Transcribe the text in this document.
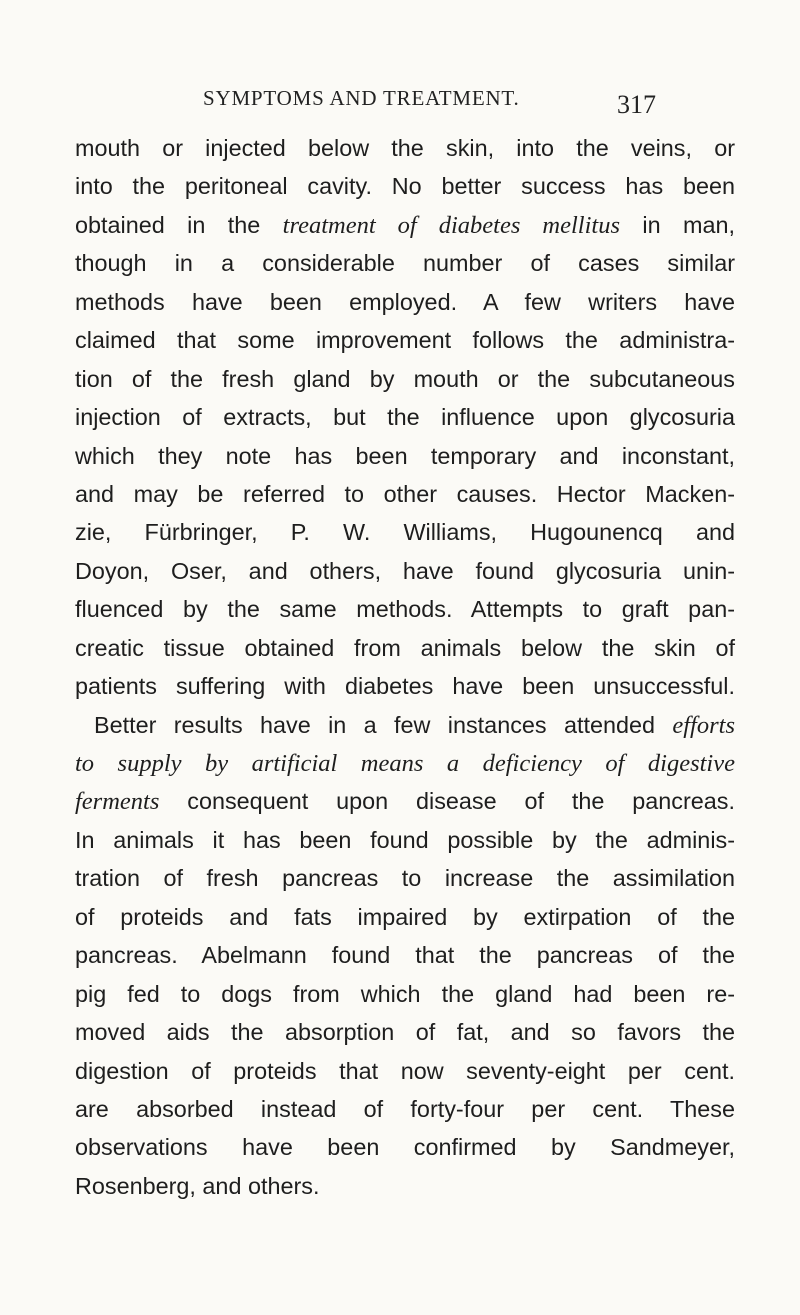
SYMPTOMS AND TREATMENT.	317
mouth or injected below the skin, into the veins, or
into the peritoneal cavity. No better success has been
obtained in the treatment of diabetes mellitus in man,
though in a considerable number of cases similar
methods have been employed. A few writers have
claimed that some improvement follows the administra-
tion of the fresh gland by mouth or the subcutaneous
injection of extracts, but the influence upon glycosuria
which they note has been temporary and inconstant,
and may be referred to other causes. Hector Macken-
zie, Fürbringer, P. W. Williams, Hugounencq and
Doyon, Oser, and others, have found glycosuria unin-
fluenced by the same methods. Attempts to graft pan-
creatic tissue obtained from animals below the skin of
patients suffering with diabetes have been unsuccessful.
Better results have in a few instances attended efforts
to supply by artificial means a deficiency of digestive
ferments consequent upon disease of the pancreas.
In animals it has been found possible by the adminis-
tration of fresh pancreas to increase the assimilation
of proteids and fats impaired by extirpation of the
pancreas. Abelmann found that the pancreas of the
pig fed to dogs from which the gland had been re-
moved aids the absorption of fat, and so favors the
digestion of proteids that now seventy-eight per cent.
are absorbed instead of forty-four per cent. These
observations have been confirmed by Sandmeyer,
Rosenberg, and others.
